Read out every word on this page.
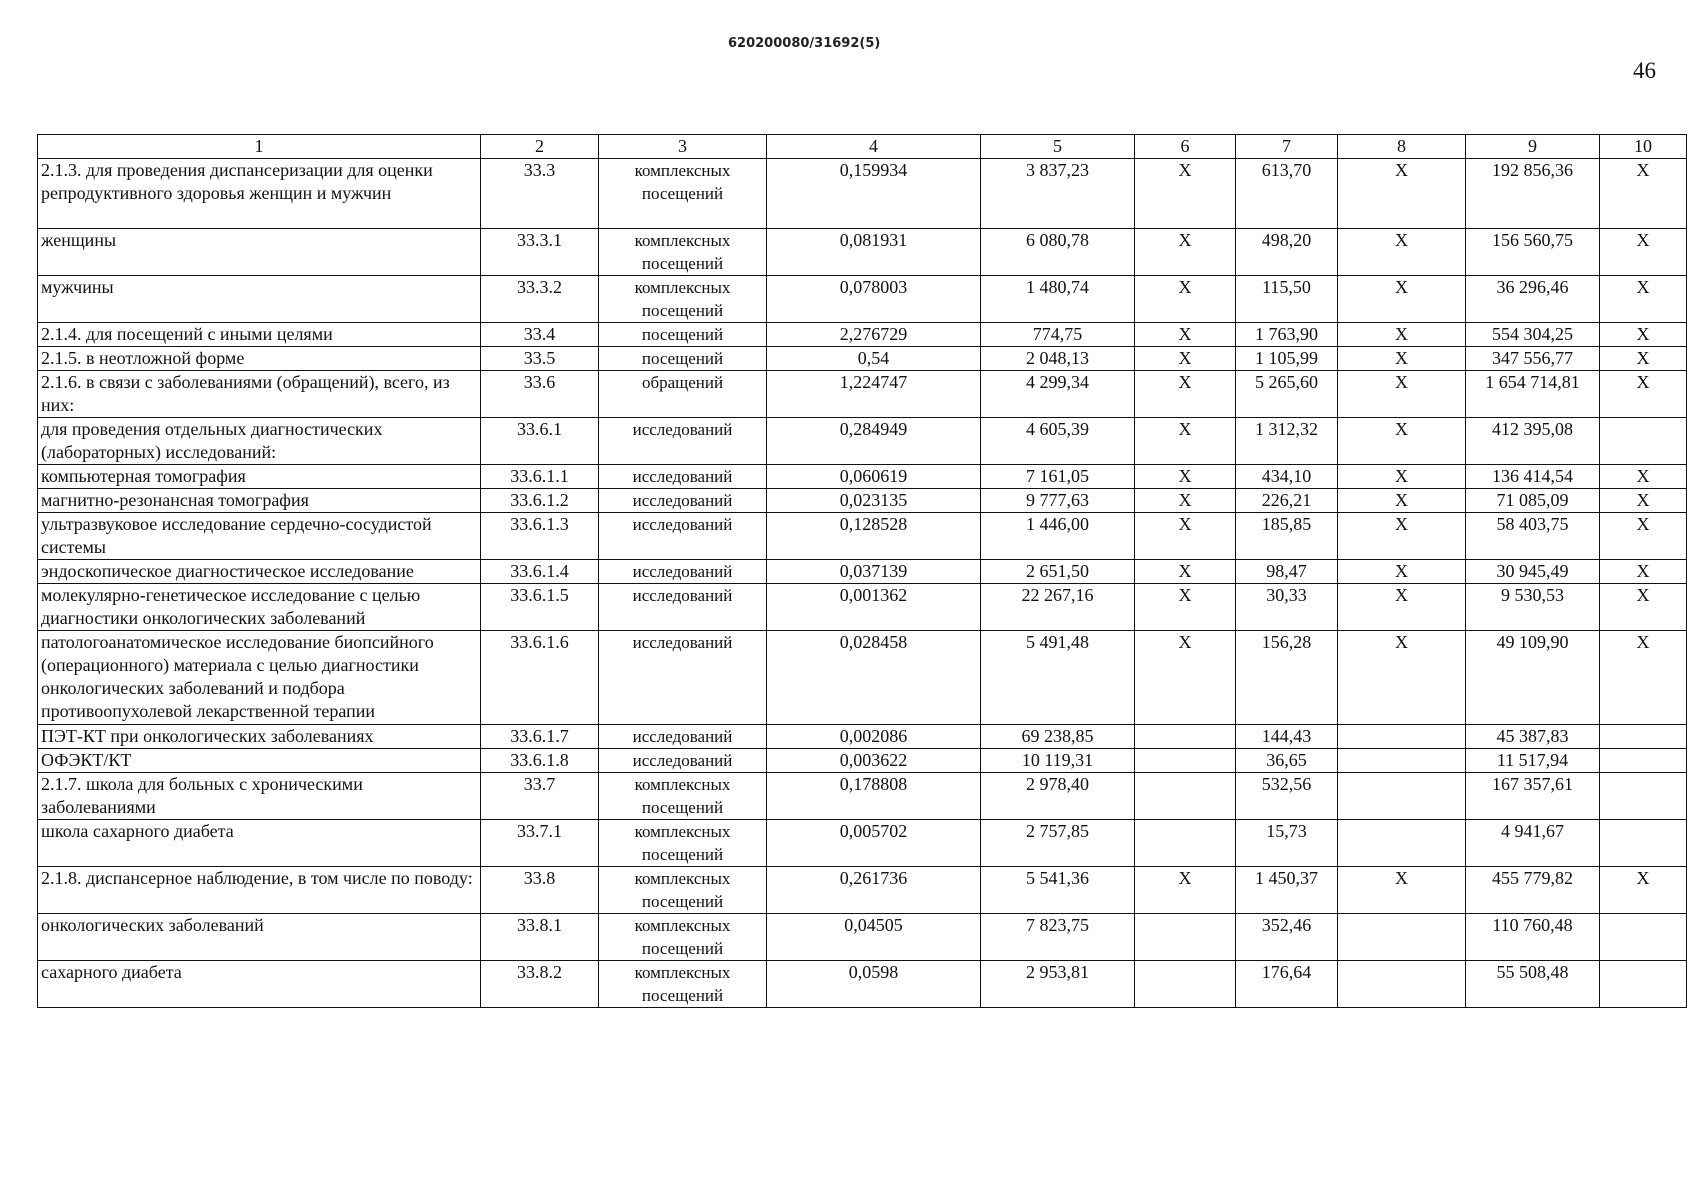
620200080/31692(5)
46
1	2	3	4	5	6	7	8	9	10
2.1.3. для проведения диспансеризации для оценки репродуктивного здоровья женщин и мужчин	33.3	комплексных посещений	0,159934	3 837,23	X	613,70	X	192 856,36	X
женщины	33.3.1	комплексных посещений	0,081931	6 080,78	X	498,20	X	156 560,75	X
мужчины	33.3.2	комплексных посещений	0,078003	1 480,74	X	115,50	X	36 296,46	X
2.1.4. для посещений с иными целями	33.4	посещений	2,276729	774,75	X	1 763,90	X	554 304,25	X
2.1.5. в неотложной форме	33.5	посещений	0,54	2 048,13	X	1 105,99	X	347 556,77	X
2.1.6. в связи с заболеваниями (обращений), всего, из них:	33.6	обращений	1,224747	4 299,34	X	5 265,60	X	1 654 714,81	X
для проведения отдельных диагностических (лабораторных) исследований:	33.6.1	исследований	0,284949	4 605,39	X	1 312,32	X	412 395,08	
компьютерная томография	33.6.1.1	исследований	0,060619	7 161,05	X	434,10	X	136 414,54	X
магнитно-резонансная томография	33.6.1.2	исследований	0,023135	9 777,63	X	226,21	X	71 085,09	X
ультразвуковое исследование сердечно-сосудистой системы	33.6.1.3	исследований	0,128528	1 446,00	X	185,85	X	58 403,75	X
эндоскопическое диагностическое исследование	33.6.1.4	исследований	0,037139	2 651,50	X	98,47	X	30 945,49	X
молекулярно-генетическое исследование с целью диагностики онкологических заболеваний	33.6.1.5	исследований	0,001362	22 267,16	X	30,33	X	9 530,53	X
патологоанатомическое исследование биопсийного (операционного) материала с целью диагностики онкологических заболеваний и подбора противоопухолевой лекарственной терапии	33.6.1.6	исследований	0,028458	5 491,48	X	156,28	X	49 109,90	X
ПЭТ-КТ при онкологических заболеваниях	33.6.1.7	исследований	0,002086	69 238,85		144,43		45 387,83	
ОФЭКТ/КТ	33.6.1.8	исследований	0,003622	10 119,31		36,65		11 517,94	
2.1.7. школа для больных с хроническими заболеваниями	33.7	комплексных посещений	0,178808	2 978,40		532,56		167 357,61	
школа сахарного диабета	33.7.1	комплексных посещений	0,005702	2 757,85		15,73		4 941,67	
2.1.8. диспансерное наблюдение, в том числе по поводу:	33.8	комплексных посещений	0,261736	5 541,36	X	1 450,37	X	455 779,82	X
онкологических заболеваний	33.8.1	комплексных посещений	0,04505	7 823,75		352,46		110 760,48	
сахарного диабета	33.8.2	комплексных посещений	0,0598	2 953,81		176,64		55 508,48	
